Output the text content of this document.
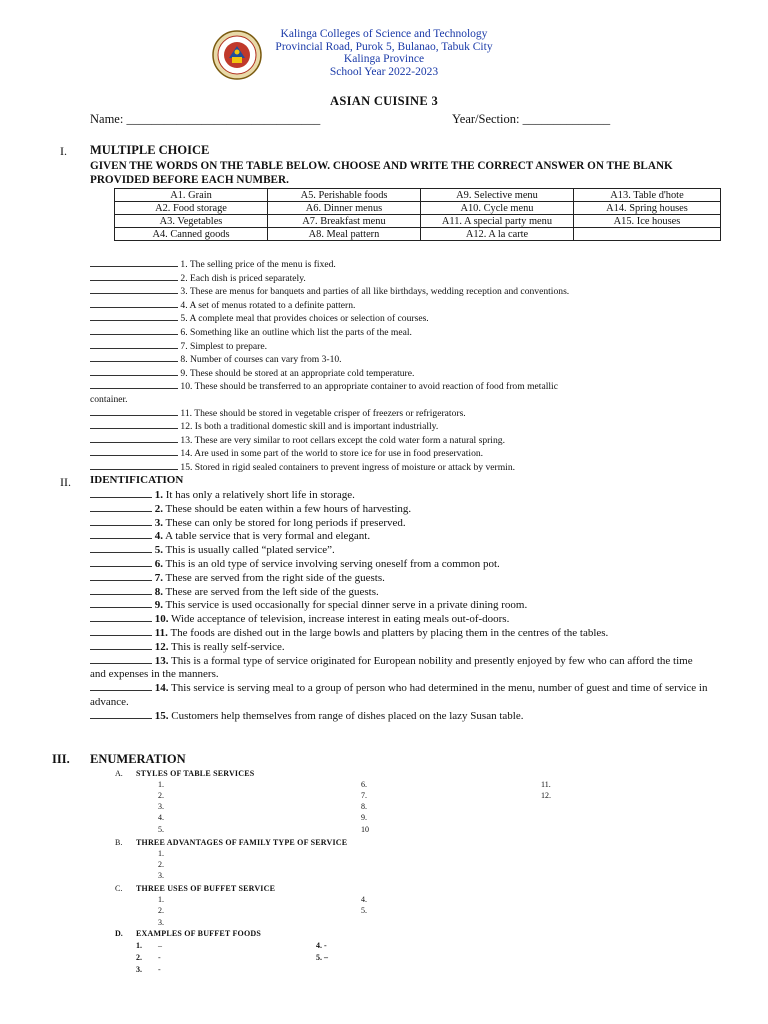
Kalinga Colleges of Science and Technology
Provincial Road, Purok 5, Bulanao, Tabuk City
Kalinga Province
School Year 2022-2023
ASIAN CUISINE 3
Name: _______________________________	Year/Section: ______________
I. MULTIPLE CHOICE
GIVEN THE WORDS ON THE TABLE BELOW. CHOOSE AND WRITE THE CORRECT ANSWER ON THE BLANK PROVIDED BEFORE EACH NUMBER.
A1. Grain	A5. Perishable foods	A9. Selective menu	A13. Table d'hote
A2. Food storage	A6. Dinner menus	A10. Cycle menu	A14. Spring houses
A3. Vegetables	A7. Breakfast menu	A11. A special party menu	A15. Ice houses
A4. Canned goods	A8. Meal pattern	A12. A la carte	
1. The selling price of the menu is fixed.
2. Each dish is priced separately.
3. These are menus for banquets and parties of all like birthdays, wedding reception and conventions.
4. A set of menus rotated to a definite pattern.
5. A complete meal that provides choices or selection of courses.
6. Something like an outline which list the parts of the meal.
7. Simplest to prepare.
8. Number of courses can vary from 3-10.
9. These should be stored at an appropriate cold temperature.
10. These should be transferred to an appropriate container to avoid reaction of food from metallic
container.
11. These should be stored in vegetable crisper of freezers or refrigerators.
12. Is both a traditional domestic skill and is important industrially.
13. These are very similar to root cellars except the cold water form a natural spring.
14. Are used in some part of the world to store ice for use in food preservation.
15. Stored in rigid sealed containers to prevent ingress of moisture or attack by vermin.
II. IDENTIFICATION
1. It has only a relatively short life in storage.
2. These should be eaten within a few hours of harvesting.
3. These can only be stored for long periods if preserved.
4. A table service that is very formal and elegant.
5. This is usually called “plated service”.
6. This is an old type of service involving serving oneself from a common pot.
7. These are served from the right side of the guests.
8. These are served from the left side of the guests.
9. This service is used occasionally for special dinner serve in a private dining room.
10. Wide acceptance of television, increase interest in eating meals out-of-doors.
11. The foods are dished out in the large bowls and platters by placing them in the centres of the tables.
12. This is really self-service.
13. This is a formal type of service originated for European nobility and presently enjoyed by few who can afford the time and expenses in the manners.
14. This service is serving meal to a group of person who had determined in the menu, number of guest and time of service in advance.
15. Customers help themselves from range of dishes placed on the lazy Susan table.
III. ENUMERATION
A. STYLES OF TABLE SERVICES
1.
2.
3.
4.
5.
6.
7.
8.
9.
10
11.
12.
B. THREE ADVANTAGES OF FAMILY TYPE OF SERVICE
1.
2.
3.
C. THREE USES OF BUFFET SERVICE
1.
2.
3.
4.
5.
D. EXAMPLES OF BUFFET FOODS
1. –
2. -
3. -
4. -
5. –
